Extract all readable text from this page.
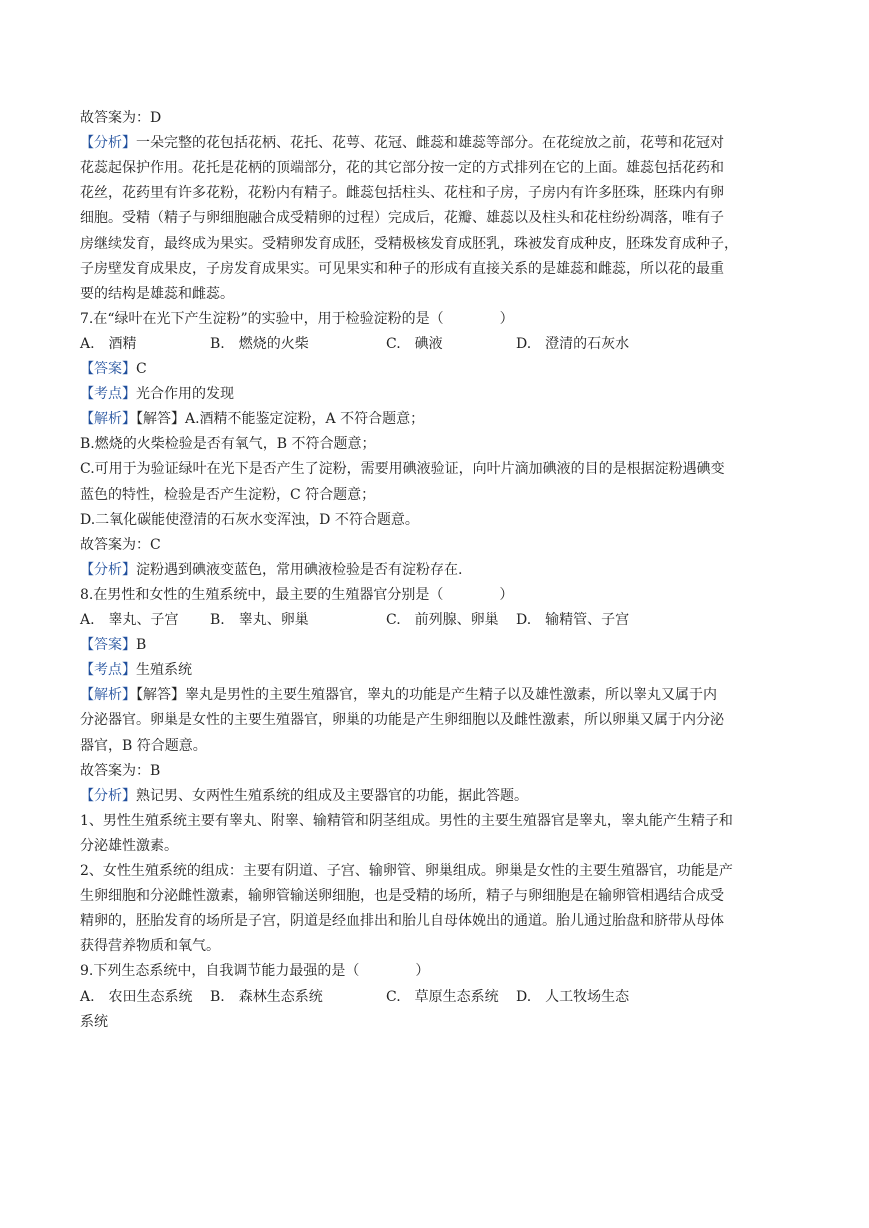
故答案为：D
【分析】一朵完整的花包括花柄、花托、花萼、花冠、雌蕊和雄蕊等部分。在花绽放之前，花萼和花冠对
花蕊起保护作用。花托是花柄的顶端部分，花的其它部分按一定的方式排列在它的上面。雄蕊包括花药和
花丝，花药里有许多花粉，花粉内有精子。雌蕊包括柱头、花柱和子房，子房内有许多胚珠，胚珠内有卵
细胞。受精（精子与卵细胞融合成受精卵的过程）完成后，花瓣、雄蕊以及柱头和花柱纷纷凋落，唯有子
房继续发育，最终成为果实。受精卵发育成胚，受精极核发育成胚乳，珠被发育成种皮，胚珠发育成种子，
子房壁发育成果皮，子房发育成果实。可见果实和种子的形成有直接关系的是雄蕊和雌蕊，所以花的最重
要的结构是雄蕊和雌蕊。
7.在“绿叶在光下产生淀粉”的实验中，用于检验淀粉的是（　　　　）
A.　酒精	B.　燃烧的火柴	C.　碘液	D.　澄清的石灰水
【答案】C
【考点】光合作用的发现
【解析】【解答】A.酒精不能鉴定淀粉，A 不符合题意；
B.燃烧的火柴检验是否有氧气，B 不符合题意；
C.可用于为验证绿叶在光下是否产生了淀粉，需要用碘液验证，向叶片滴加碘液的目的是根据淀粉遇碘变
蓝色的特性，检验是否产生淀粉，C 符合题意；
D.二氧化碳能使澄清的石灰水变浑浊，D 不符合题意。
故答案为：C
【分析】淀粉遇到碘液变蓝色，常用碘液检验是否有淀粉存在.
8.在男性和女性的生殖系统中，最主要的生殖器官分别是（　　　　）
A.　睾丸、子宫 B.　睾丸、卵巢	C.　前列腺、卵巢 D.　输精管、子宫
【答案】B
【考点】生殖系统
【解析】【解答】睾丸是男性的主要生殖器官，睾丸的功能是产生精子以及雄性激素，所以睾丸又属于内
分泌器官。卵巢是女性的主要生殖器官，卵巢的功能是产生卵细胞以及雌性激素，所以卵巢又属于内分泌
器官，B 符合题意。
故答案为：B
【分析】熟记男、女两性生殖系统的组成及主要器官的功能，据此答题。
1、男性生殖系统主要有睾丸、附睾、输精管和阴茎组成。男性的主要生殖器官是睾丸，睾丸能产生精子和
分泌雄性激素。
2、女性生殖系统的组成：主要有阴道、子宫、输卵管、卵巢组成。卵巢是女性的主要生殖器官，功能是产
生卵细胞和分泌雌性激素，输卵管输送卵细胞，也是受精的场所，精子与卵细胞是在输卵管相遇结合成受
精卵的，胚胎发育的场所是子宫，阴道是经血排出和胎儿自母体娩出的通道。胎儿通过胎盘和脐带从母体
获得营养物质和氧气。
9.下列生态系统中，自我调节能力最强的是（　　　　）
A.　农田生态系统 B.　森林生态系统	C.　草原生态系统 D.　人工牧场生态
系统
